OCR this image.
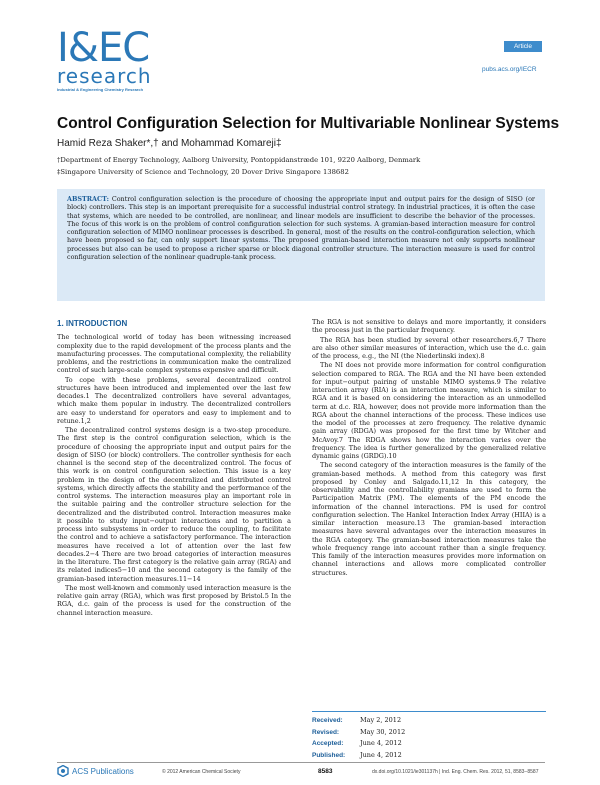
I&EC
research
Industrial & Engineering Chemistry Research
Article
pubs.acs.org/IECR
Control Configuration Selection for Multivariable Nonlinear Systems
Hamid Reza Shaker*,† and Mohammad Komareji‡
†Department of Energy Technology, Aalborg University, Pontoppidanstræde 101, 9220 Aalborg, Denmark
‡Singapore University of Science and Technology, 20 Dover Drive Singapore 138682
ABSTRACT: Control configuration selection is the procedure of choosing the appropriate input and output pairs for the design of SISO (or block) controllers. This step is an important prerequisite for a successful industrial control strategy. In industrial practices, it is often the case that systems, which are needed to be controlled, are nonlinear, and linear models are insufficient to describe the behavior of the processes. The focus of this work is on the problem of control configuration selection for such systems. A gramian-based interaction measure for control configuration selection of MIMO nonlinear processes is described. In general, most of the results on the control-configuration selection, which have been proposed so far, can only support linear systems. The proposed gramian-based interaction measure not only supports nonlinear processes but also can be used to propose a richer sparse or block diagonal controller structure. The interaction measure is used for control configuration selection of the nonlinear quadruple-tank process.
1. INTRODUCTION

The technological world of today has been witnessing increased complexity due to the rapid development of the process plants and the manufacturing processes. The computational complexity, the reliability problems, and the restrictions in communication make the centralized control of such large-scale complex systems expensive and difficult.

To cope with these problems, several decentralized control structures have been introduced and implemented over the last few decades.1 The decentralized controllers have several advantages, which make them popular in industry. The decentralized controllers are easy to understand for operators and easy to implement and to retune.1,2

The decentralized control systems design is a two-step procedure. The first step is the control configuration selection, which is the procedure of choosing the appropriate input and output pairs for the design of SISO (or block) controllers. The controller synthesis for each channel is the second step of the decentralized control. The focus of this work is on control configuration selection. This issue is a key problem in the design of the decentralized and distributed control systems, which directly affects the stability and the performance of the control systems. The interaction measures play an important role in the suitable pairing and the controller structure selection for the decentralized and the distributed control. Interaction measures make it possible to study input−output interactions and to partition a process into subsystems in order to reduce the coupling, to facilitate the control and to achieve a satisfactory performance. The interaction measures have received a lot of attention over the last few decades.2−4 There are two broad categories of interaction measures in the literature. The first category is the relative gain array (RGA) and its related indices5−10 and the second category is the family of the gramian-based interaction measures.11−14

The most well-known and commonly used interaction measure is the relative gain array (RGA), which was first proposed by Bristol.5 In the RGA, d.c. gain of the process is used for the construction of the channel interaction measure.

The RGA is not sensitive to delays and more importantly, it considers the process just in the particular frequency.

The RGA has been studied by several other researchers.6,7 There are also other similar measures of interaction, which use the d.c. gain of the process, e.g., the NI (the Niederlinski index).8

The NI does not provide more information for control configuration selection compared to RGA. The RGA and the NI have been extended for input−output pairing of unstable MIMO systems.9 The relative interaction array (RIA) is an interaction measure, which is similar to RGA and it is based on considering the interaction as an unmodelled term at d.c. RIA, however, does not provide more information than the RGA about the channel interactions of the process. These indices use the model of the processes at zero frequency. The relative dynamic gain array (RDGA) was proposed for the first time by Witcher and McAvoy.7 The RDGA shows how the interaction varies over the frequency. The idea is further generalized by the generalized relative dynamic gains (GRDG).10

The second category of the interaction measures is the family of the gramian-based methods. A method from this category was first proposed by Conley and Salgado.11,12 In this category, the observability and the controllability gramians are used to form the Participation Matrix (PM). The elements of the PM encode the information of the channel interactions. PM is used for control configuration selection. The Hankel Interaction Index Array (HIIA) is a similar interaction measure.13 The gramian-based interaction measures have several advantages over the interaction measures in the RGA category. The gramian-based interaction measures take the whole frequency range into account rather than a single frequency. This family of the interaction measures provides more information on channel interactions and allows more complicated controller structures.

Received:	May 2, 2012
Revised:	May 30, 2012
Accepted:	June 4, 2012
Published: June 4, 2012
ACS Publications	© 2012 American Chemical Society	8583	dx.doi.org/10.1021/ie301137h | Ind. Eng. Chem. Res. 2012, 51, 8583−8587
